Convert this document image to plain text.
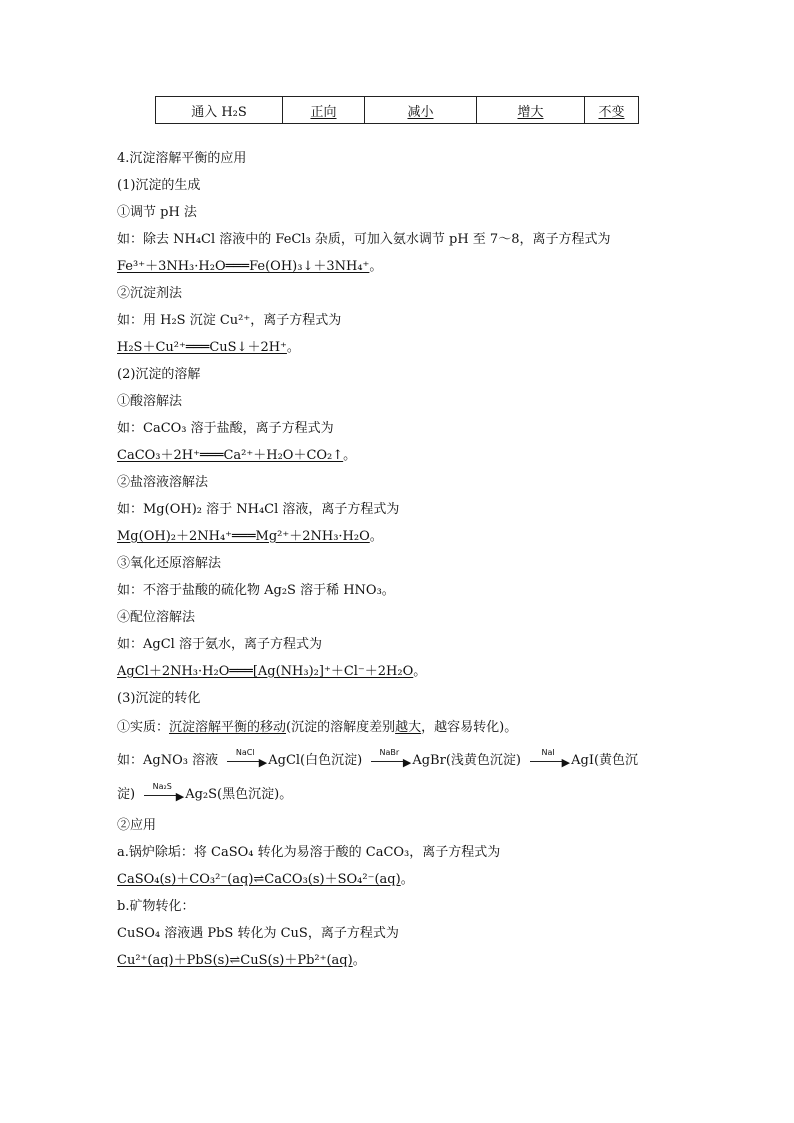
通入 H₂S	正向	减小	增大	不变
4.沉淀溶解平衡的应用
(1)沉淀的生成
①调节 pH 法
如：除去 NH₄Cl 溶液中的 FeCl₃ 杂质，可加入氨水调节 pH 至 7～8，离子方程式为
Fe³⁺＋3NH₃·H₂O═══Fe(OH)₃↓＋3NH₄⁺。
②沉淀剂法
如：用 H₂S 沉淀 Cu²⁺，离子方程式为
H₂S＋Cu²⁺═══CuS↓＋2H⁺。
(2)沉淀的溶解
①酸溶解法
如：CaCO₃ 溶于盐酸，离子方程式为
CaCO₃＋2H⁺═══Ca²⁺＋H₂O＋CO₂↑。
②盐溶液溶解法
如：Mg(OH)₂ 溶于 NH₄Cl 溶液，离子方程式为
Mg(OH)₂＋2NH₄⁺═══Mg²⁺＋2NH₃·H₂O。
③氧化还原溶解法
如：不溶于盐酸的硫化物 Ag₂S 溶于稀 HNO₃。
④配位溶解法
如：AgCl 溶于氨水，离子方程式为
AgCl＋2NH₃·H₂O═══[Ag(NH₃)₂]⁺＋Cl⁻＋2H₂O。
(3)沉淀的转化
①实质：沉淀溶解平衡的移动(沉淀的溶解度差别越大，越容易转化)。
如：AgNO₃ 溶液
NaCl
▶ AgCl(白色沉淀)
NaBr
▶ AgBr(浅黄色沉淀)
NaI
▶ AgI(黄色沉
淀)
Na₂S
▶ Ag₂S(黑色沉淀)。
②应用
a.锅炉除垢：将 CaSO₄ 转化为易溶于酸的 CaCO₃，离子方程式为
CaSO₄(s)＋CO₃²⁻(aq)⇌CaCO₃(s)＋SO₄²⁻(aq)。
b.矿物转化：
CuSO₄ 溶液遇 PbS 转化为 CuS，离子方程式为
Cu²⁺(aq)＋PbS(s)⇌CuS(s)＋Pb²⁺(aq)。
